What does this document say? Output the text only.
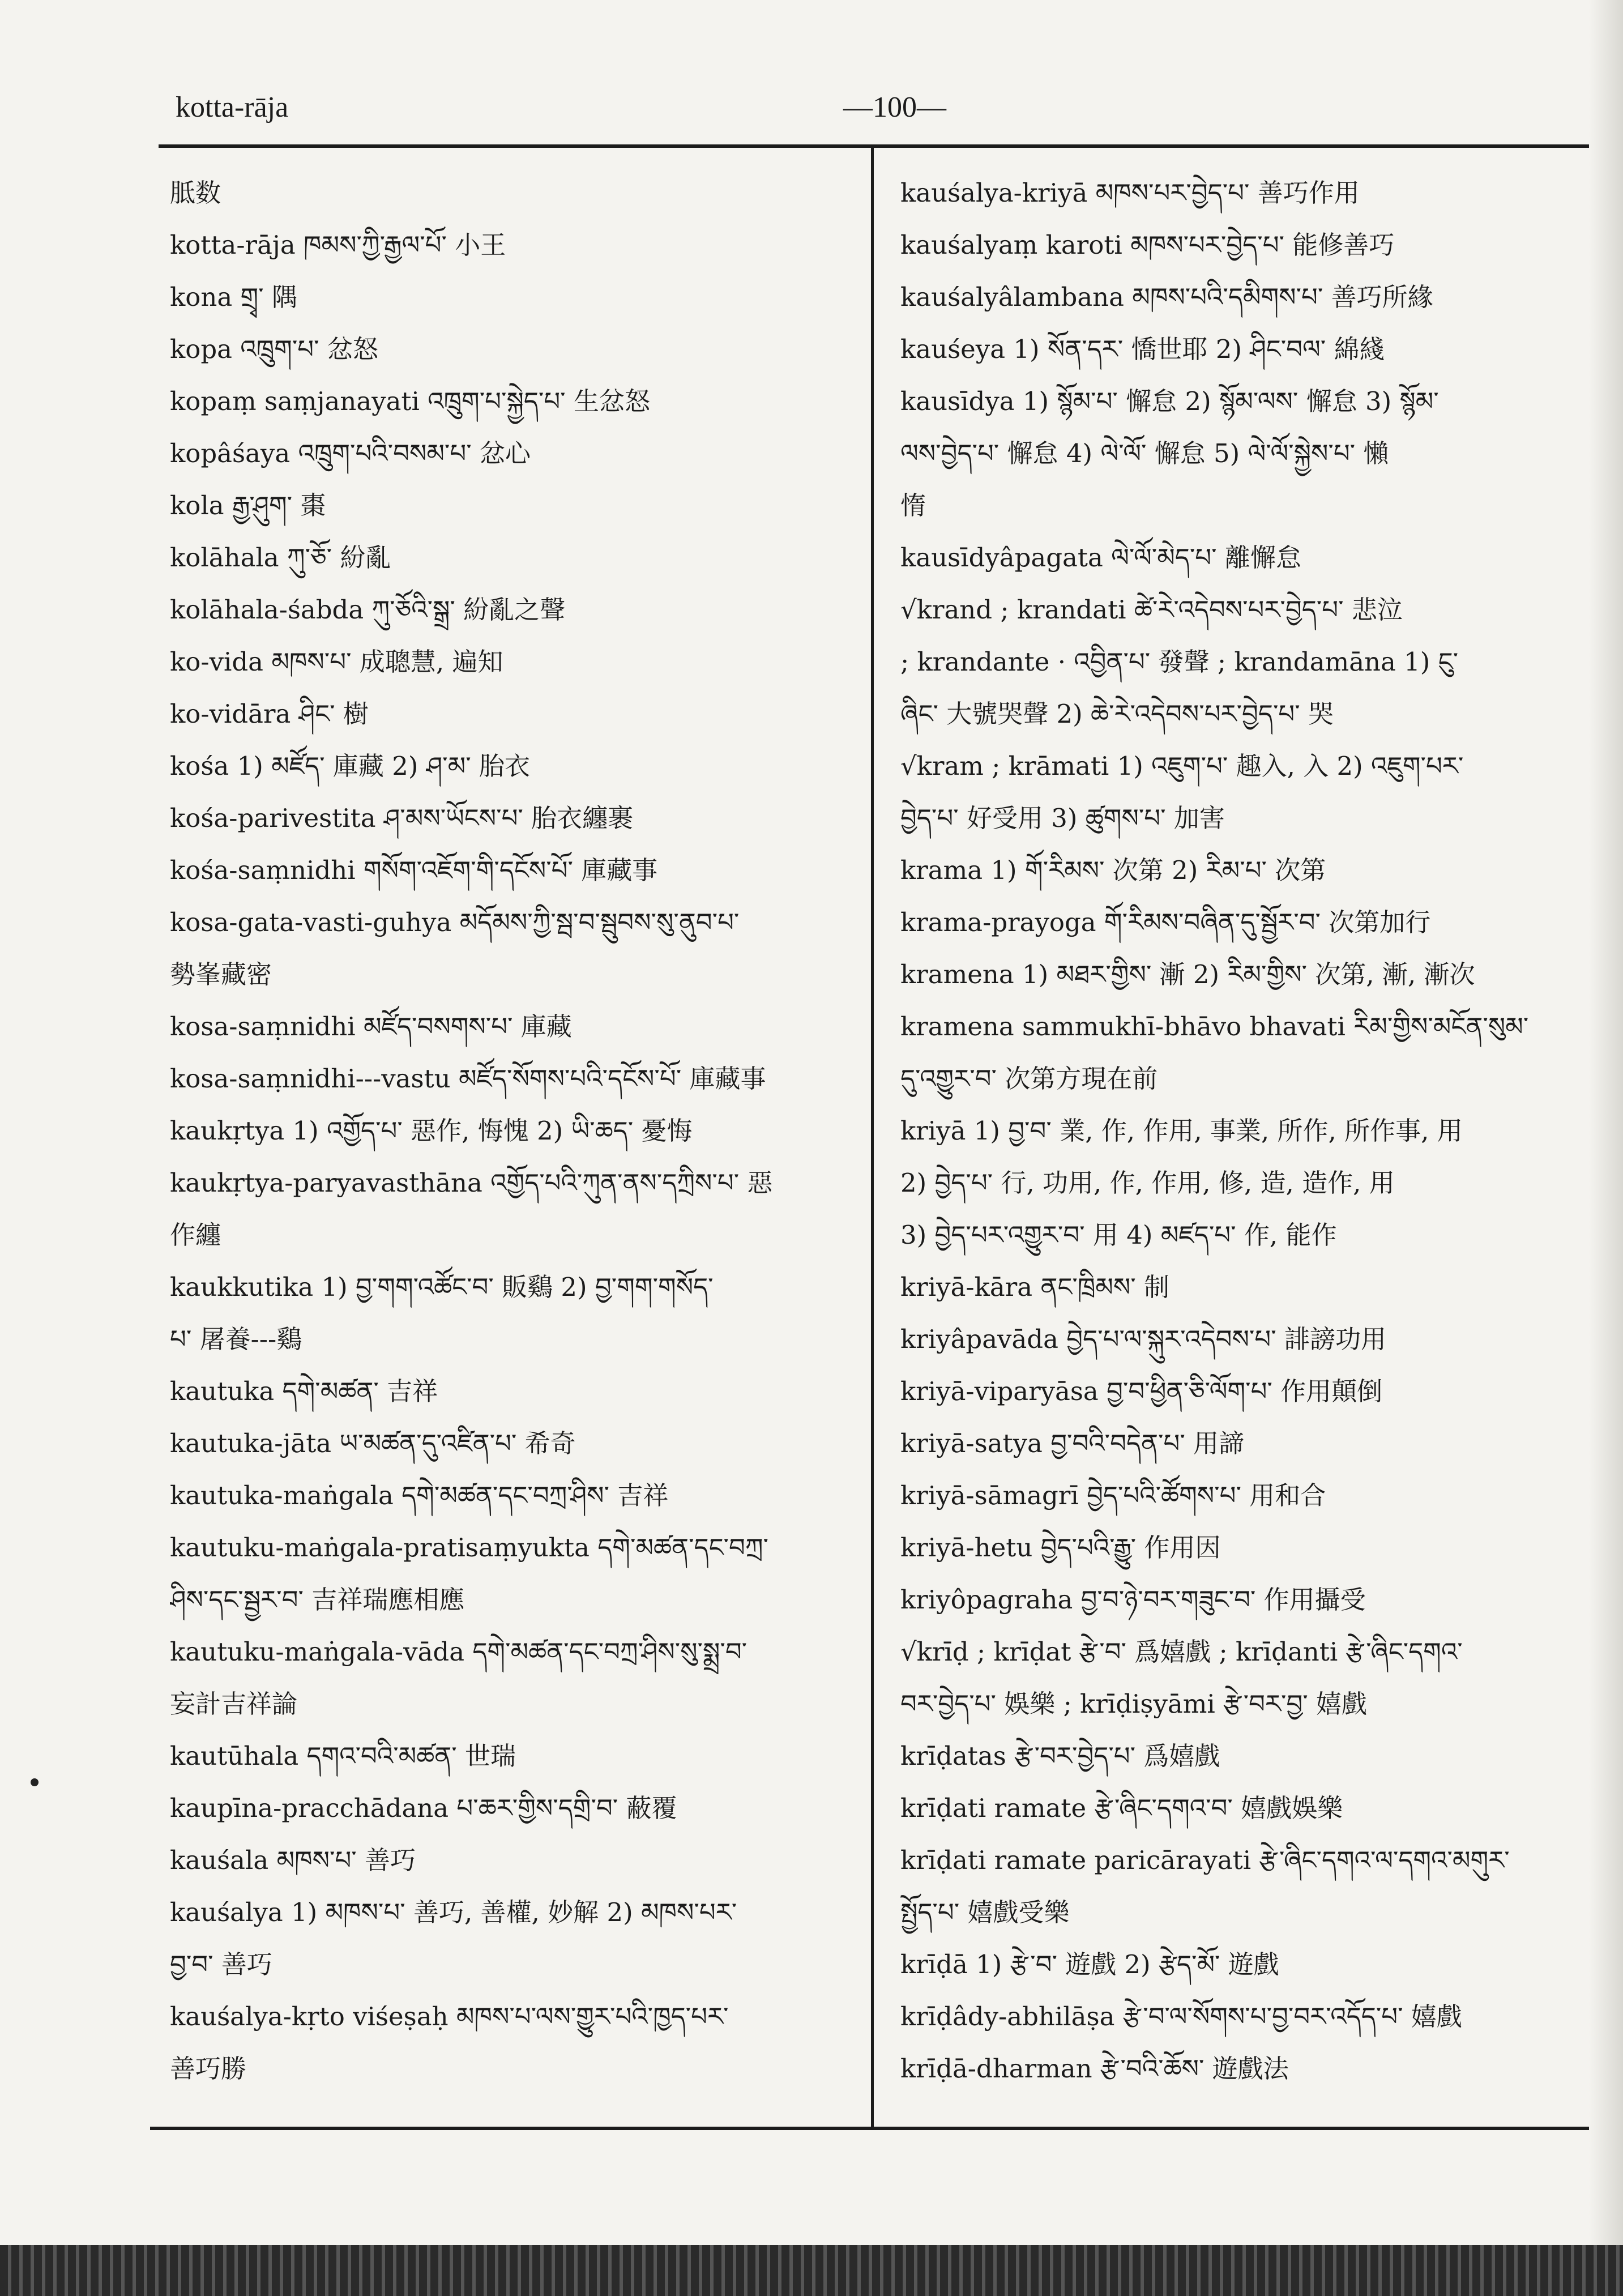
kotta-rāja	—100—

胝数

kotta-rāja ཁམས་ཀྱི་རྒྱལ་པོ་ 小王

kona གྲྭ་ 隅

kopa འཁྲུག་པ་ 忿怒

kopaṃ saṃjanayati འཁྲུག་པ་སྐྱེད་པ་ 生忿怒

kopâśaya འཁྲུག་པའི་བསམ་པ་ 忿心

kola རྒྱ་ཤུག་ 棗

kolāhala ཀུ་ཅོ་ 紛亂

kolāhala-śabda ཀུ་ཅོའི་སྒྲ་ 紛亂之聲

ko-vida མཁས་པ་ 成聰慧, 遍知

ko-vidāra ཤིང་ 樹

kośa 1) མཛོད་ 庫藏 2) ཤ་མ་ 胎衣

kośa-parivestita ཤ་མས་ཡོངས་པ་ 胎衣纏裹

kośa-saṃnidhi གསོག་འཇོག་གི་དངོས་པོ་ 庫藏事

kosa-gata-vasti-guhya མདོམས་ཀྱི་སྦ་བ་སྦུབས་སུ་ནུབ་པ་

勢峯藏密

kosa-saṃnidhi མཛོད་བསགས་པ་ 庫藏

kosa-saṃnidhi---vastu མཛོད་སོགས་པའི་དངོས་པོ་ 庫藏事

kaukṛtya 1) འགྱོད་པ་ 惡作, 悔愧 2) ཡི་ཆད་ 憂悔

kaukṛtya-paryavasthāna འགྱོད་པའི་ཀུན་ནས་དཀྲིས་པ་ 惡

作纏

kaukkutika 1) བྱ་གག་འཚོང་བ་ 販鷄 2) བྱ་གག་གསོད་

པ་ 屠養---鷄

kautuka དགེ་མཚན་ 吉祥

kautuka-jāta ཡ་མཚན་དུ་འཛིན་པ་ 希奇

kautuka-maṅgala དགེ་མཚན་དང་བཀྲ་ཤིས་ 吉祥

kautuku-maṅgala-pratisaṃyukta དགེ་མཚན་དང་བཀྲ་

ཤིས་དང་སྦྱར་བ་ 吉祥瑞應相應

kautuku-maṅgala-vāda དགེ་མཚན་དང་བཀྲ་ཤིས་སུ་སྨྲ་བ་

妄計吉祥論

kautūhala དགའ་བའི་མཚན་ 世瑞

kaupīna-pracchādana པ་ཆར་གྱིས་དགྲི་བ་ 蔽覆

kauśala མཁས་པ་ 善巧

kauśalya 1) མཁས་པ་ 善巧, 善權, 妙解 2) མཁས་པར་

བྱ་བ་ 善巧

kauśalya-kṛto viśeṣaḥ མཁས་པ་ལས་གྱུར་པའི་ཁྱད་པར་

善巧勝

kauśalya-kriyā མཁས་པར་བྱེད་པ་ 善巧作用

kauśalyaṃ karoti མཁས་པར་བྱེད་པ་ 能修善巧

kauśalyâlambana མཁས་པའི་དམིགས་པ་ 善巧所緣

kauśeya 1) སོན་དར་ 憍世耶 2) ཤིང་བལ་ 綿綫

kausīdya 1) སྙོམ་པ་ 懈怠 2) སྙོམ་ལས་ 懈怠 3) སྙོམ་

ལས་བྱེད་པ་ 懈怠 4) ལེ་ལོ་ 懈怠 5) ལེ་ལོ་སྐྱེས་པ་ 懶

惰

kausīdyâpagata ལེ་ལོ་མེད་པ་ 離懈怠

√krand ; krandati ཚེ་རེ་འདེབས་པར་བྱེད་པ་ 悲泣

; krandante · འབྱིན་པ་ 發聲 ; krandamāna 1) ངུ་

ཞིང་ 大號哭聲 2) ཆེ་རེ་འདེབས་པར་བྱེད་པ་ 哭

√kram ; krāmati 1) འཇུག་པ་ 趣入, 入 2) འཇུག་པར་

བྱེད་པ་ 好受用 3) ཚུགས་པ་ 加害

krama 1) གོ་རིམས་ 次第 2) རིམ་པ་ 次第

krama-prayoga གོ་རིམས་བཞིན་དུ་སྦྱོར་བ་ 次第加行

kramena 1) མཐར་གྱིས་ 漸 2) རིམ་གྱིས་ 次第, 漸, 漸次

kramena sammukhī-bhāvo bhavati རིམ་གྱིས་མངོན་སུམ་

དུ་འགྱུར་བ་ 次第方現在前

kriyā 1) བྱ་བ་ 業, 作, 作用, 事業, 所作, 所作事, 用

2) བྱེད་པ་ 行, 功用, 作, 作用, 修, 造, 造作, 用

3) བྱེད་པར་འགྱུར་བ་ 用 4) མཛད་པ་ 作, 能作

kriyā-kāra ནང་ཁྲིམས་ 制

kriyâpavāda བྱེད་པ་ལ་སྐུར་འདེབས་པ་ 誹謗功用

kriyā-viparyāsa བྱ་བ་ཕྱིན་ཅི་ལོག་པ་ 作用顛倒

kriyā-satya བྱ་བའི་བདེན་པ་ 用諦

kriyā-sāmagrī བྱེད་པའི་ཚོགས་པ་ 用和合

kriyā-hetu བྱེད་པའི་རྒྱུ་ 作用因

kriyôpagraha བྱ་བ་ཉེ་བར་གཟུང་བ་ 作用攝受

√krīḍ ; krīḍat རྩེ་བ་ 爲嬉戲 ; krīḍanti རྩེ་ཞིང་དགའ་

བར་བྱེད་པ་ 娛樂 ; krīḍiṣyāmi རྩེ་བར་བྱ་ 嬉戲

krīḍatas རྩེ་བར་བྱེད་པ་ 爲嬉戲

krīḍati ramate རྩེ་ཞིང་དགའ་བ་ 嬉戲娛樂

krīḍati ramate paricārayati རྩེ་ཞིང་དགའ་ལ་དགའ་མགུར་

སྤྱོད་པ་ 嬉戲受樂

krīḍā 1) རྩེ་བ་ 遊戲 2) རྩེད་མོ་ 遊戲

krīḍâdy-abhilāṣa རྩེ་བ་ལ་སོགས་པ་བྱ་བར་འདོད་པ་ 嬉戲

krīḍā-dharman རྩེ་བའི་ཆོས་ 遊戲法
